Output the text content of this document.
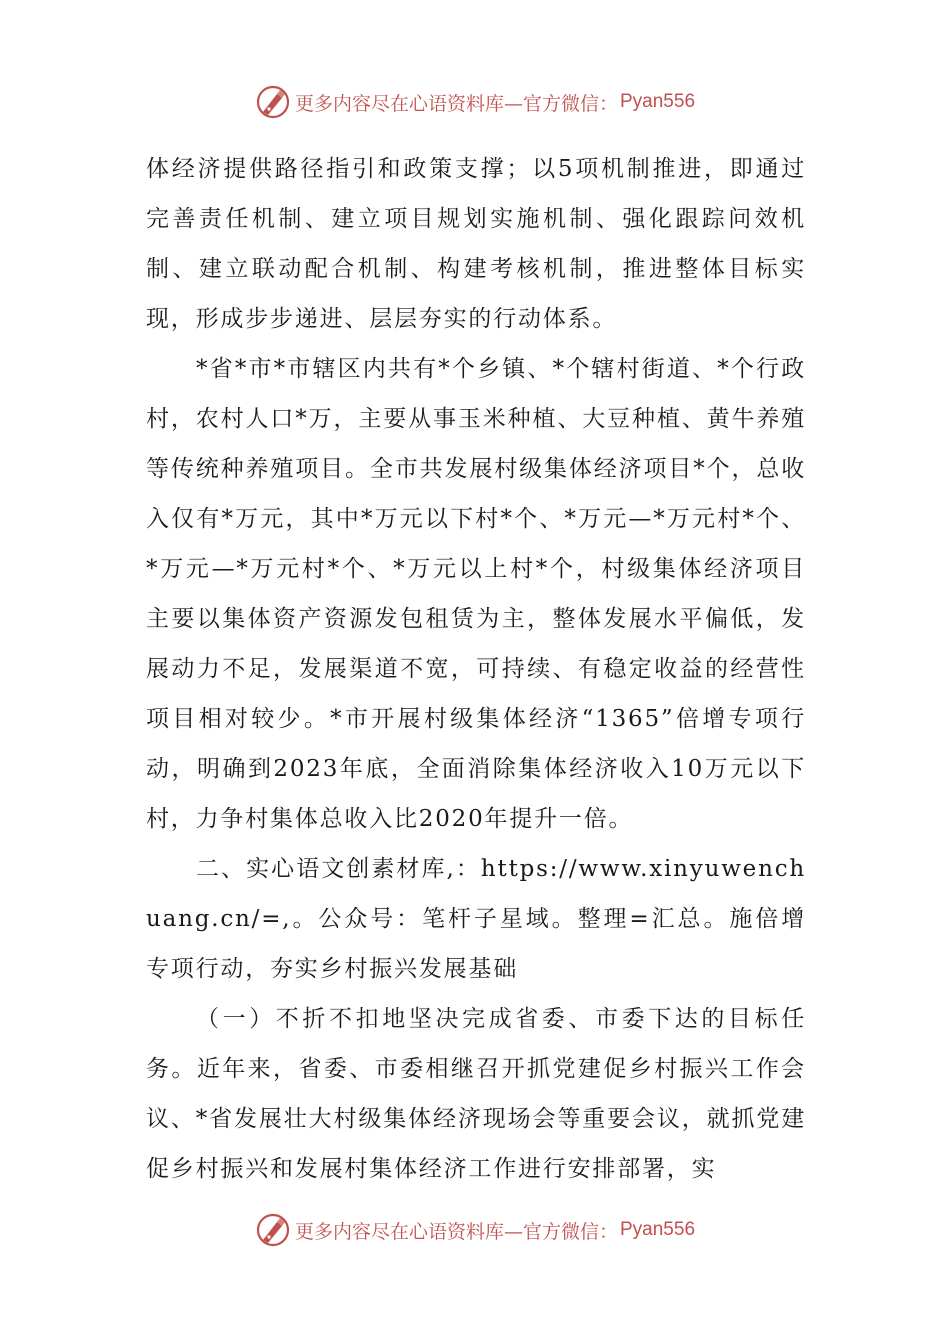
更多内容尽在心语资料库—官方微信： Pyan556

体经济提供路径指引和政策支撑；以5项机制推进，即通过完善责任机制、建立项目规划实施机制、强化跟踪问效机制、建立联动配合机制、构建考核机制，推进整体目标实现，形成步步递进、层层夯实的行动体系。

*省*市*市辖区内共有*个乡镇、*个辖村街道、*个行政村，农村人口*万，主要从事玉米种植、大豆种植、黄牛养殖等传统种养殖项目。全市共发展村级集体经济项目*个，总收入仅有*万元，其中*万元以下村*个、*万元—*万元村*个、*万元—*万元村*个、*万元以上村*个，村级集体经济项目主要以集体资产资源发包租赁为主，整体发展水平偏低，发展动力不足，发展渠道不宽，可持续、有稳定收益的经营性项目相对较少。*市开展村级集体经济“1365”倍增专项行动，明确到2023年底，全面消除集体经济收入10万元以下村，力争村集体总收入比2020年提升一倍。

二、实心语文创素材库,：https://www.xinyuwenchuang.cn/=,。公众号：笔杆子星域。整理=汇总。施倍增专项行动，夯实乡村振兴发展基础

（一）不折不扣地坚决完成省委、市委下达的目标任务。近年来，省委、市委相继召开抓党建促乡村振兴工作会议、*省发展壮大村级集体经济现场会等重要会议，就抓党建促乡村振兴和发展村集体经济工作进行安排部署，实

更多内容尽在心语资料库—官方微信： Pyan556
